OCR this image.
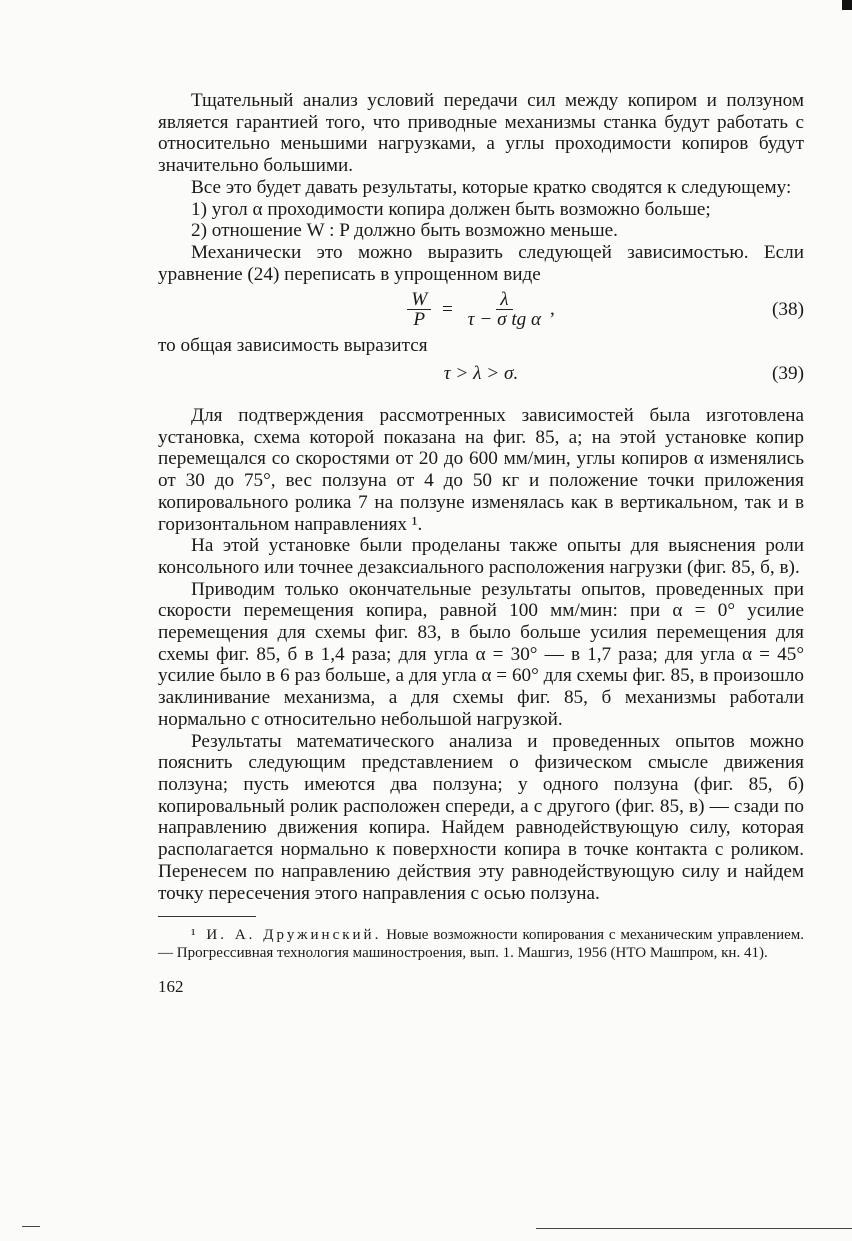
Тщательный анализ условий передачи сил между копиром и ползуном является гарантией того, что приводные механизмы станка будут работать с относительно меньшими нагрузками, а углы проходимости копиров будут значительно большими.

Все это будет давать результаты, которые кратко сводятся к следующему:

1) угол α проходимости копира должен быть возможно больше;

2) отношение W : P должно быть возможно меньше.

Механически это можно выразить следующей зависимостью. Если уравнение (24) переписать в упрощенном виде

$\frac{W}{P} = \frac{\lambda}{\text{τ − σ tg α}}$ ,	(38)

то общая зависимость выразится

τ > λ > σ.	(39)

Для подтверждения рассмотренных зависимостей была изготовлена установка, схема которой показана на фиг. 85, а; на этой установке копир перемещался со скоростями от 20 до 600 мм/мин, углы копиров α изменялись от 30 до 75°, вес ползуна от 4 до 50 кг и положение точки приложения копировального ролика 7 на ползуне изменялась как в вертикальном, так и в горизонтальном направлениях ¹.

На этой установке были проделаны также опыты для выяснения роли консольного или точнее дезаксиального расположения нагрузки (фиг. 85, б, в).

Приводим только окончательные результаты опытов, проведенных при скорости перемещения копира, равной 100 мм/мин: при α = 0° усилие перемещения для схемы фиг. 83, в было больше усилия перемещения для схемы фиг. 85, б в 1,4 раза; для угла α = 30° — в 1,7 раза; для угла α = 45° усилие было в 6 раз больше, а для угла α = 60° для схемы фиг. 85, в произошло заклинивание механизма, а для схемы фиг. 85, б механизмы работали нормально с относительно небольшой нагрузкой.

Результаты математического анализа и проведенных опытов можно пояснить следующим представлением о физическом смысле движения ползуна; пусть имеются два ползуна; у одного ползуна (фиг. 85, б) копировальный ролик расположен спереди, а с другого (фиг. 85, в) — сзади по направлению движения копира. Найдем равнодействующую силу, которая располагается нормально к поверхности копира в точке контакта с роликом. Перенесем по направлению действия эту равнодействующую силу и найдем точку пересечения этого направления с осью ползуна.

¹ И. А. Дружинский. Новые возможности копирования с механическим управлением. — Прогрессивная технология машиностроения, вып. 1. Машгиз, 1956 (НТО Машпром, кн. 41).

162
